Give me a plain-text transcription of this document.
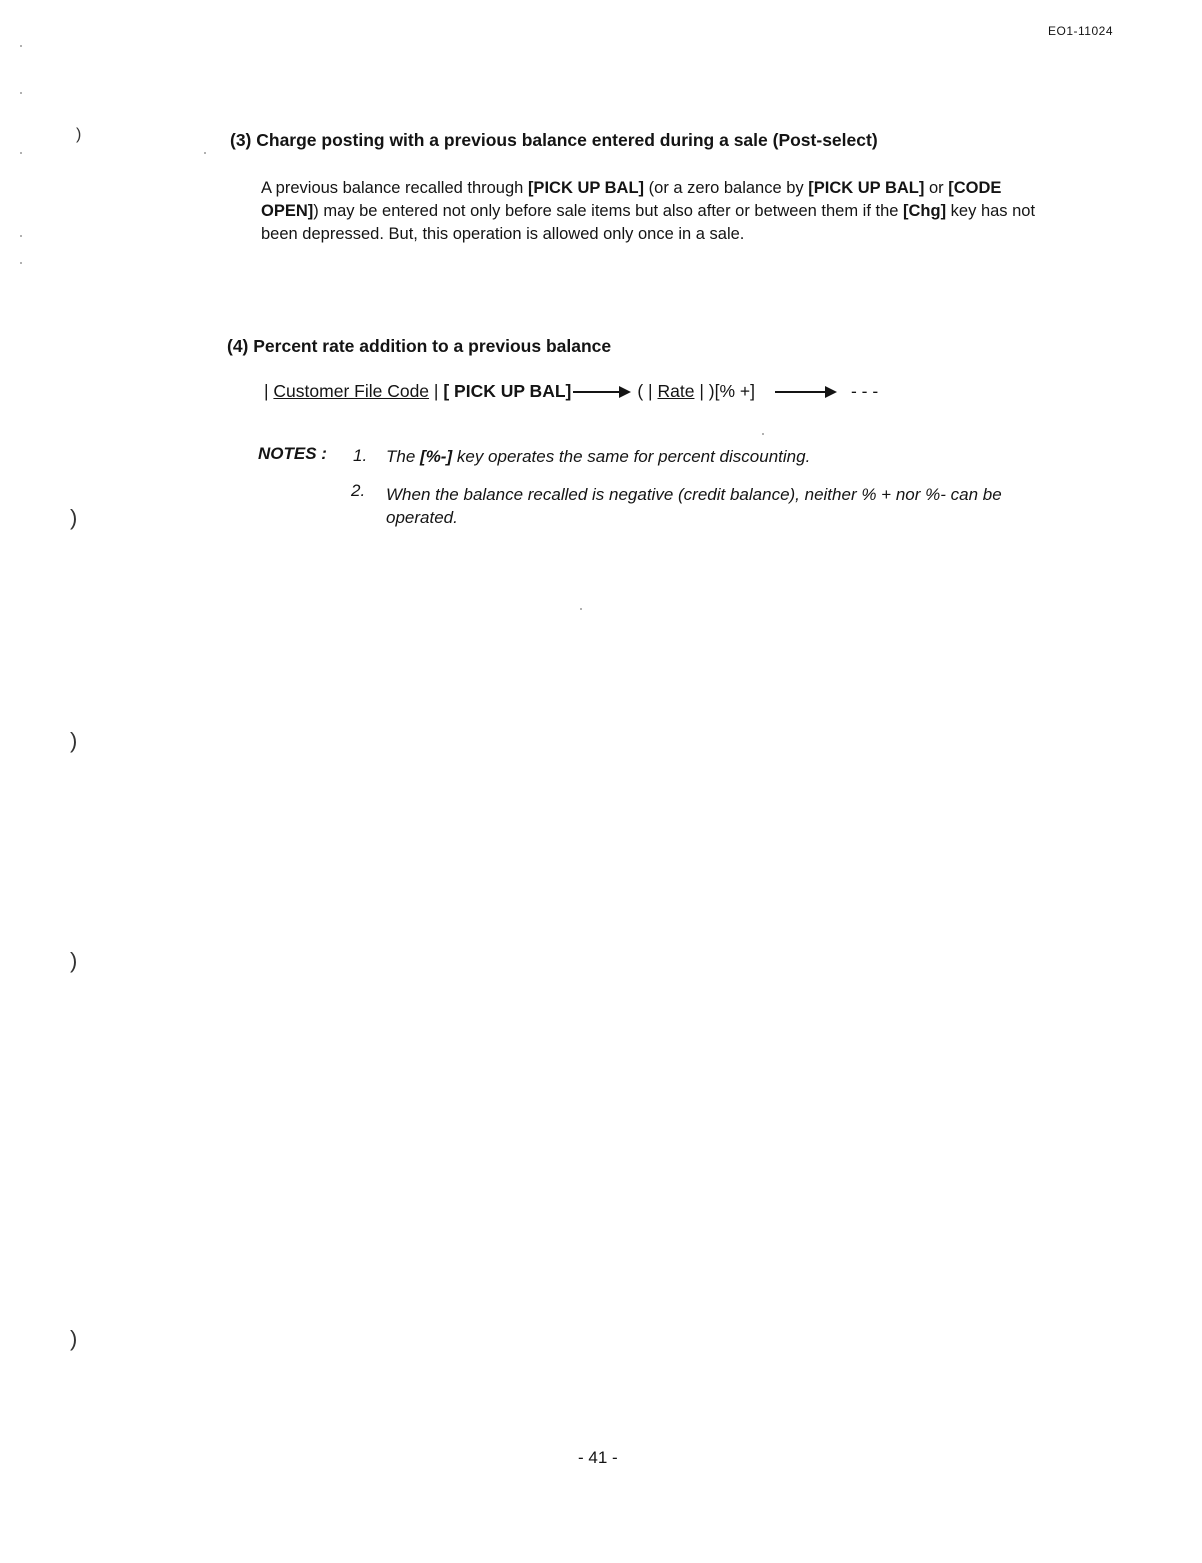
EO1-11024
(3) Charge posting with a previous balance entered during a sale (Post-select)
A previous balance recalled through [PICK UP BAL] (or a zero balance by [PICK UP BAL] or [CODE OPEN]) may be entered not only before sale items but also after or between them if the [Chg] key has not been depressed. But, this operation is allowed only once in a sale.
(4) Percent rate addition to a previous balance
|
Customer File Code
|
[ PICK UP BAL]	( |
Rate
| ) [% +]	- - -
NOTES : 1. The [%-] key operates the same for percent discounting.
2. When the balance recalled is negative (credit balance), neither % + nor %- can be operated.
- 41 -
)
)
)
)
)
